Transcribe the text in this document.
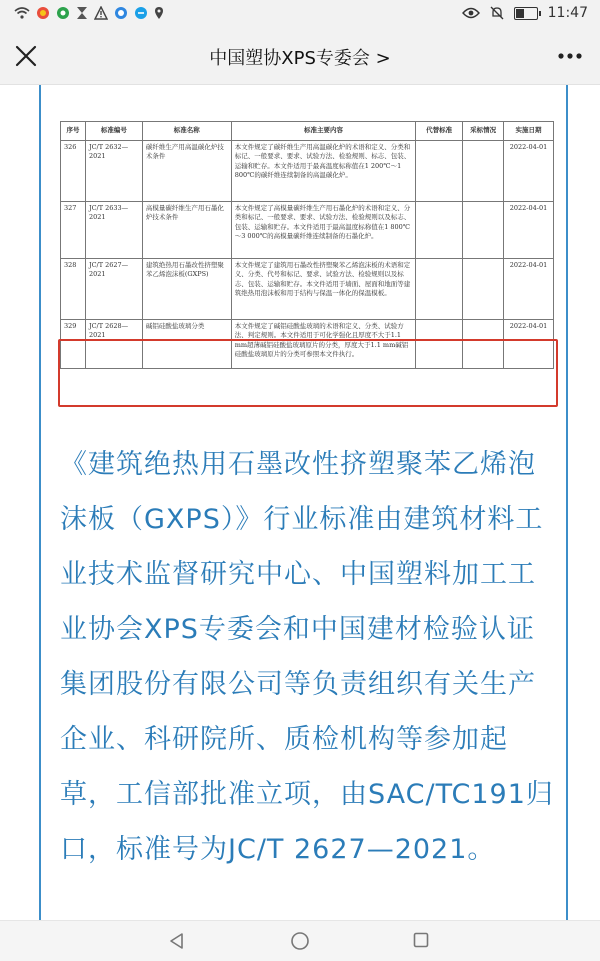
11:47
中国塑协XPS专委会 >
序号	标准编号	标准名称	标准主要内容	代替标准	采标情况	实施日期
326	JC/T 2632—2021	碳纤维生产用高温碳化炉技术条件	本文件规定了碳纤维生产用高温碳化炉的术语和定义、分类和标记、一般要求、要求、试验方法、检验规则、标志、包装、运输和贮存。本文件适用于最高温度标称值在1 200℃～1 800℃的碳纤维连续制备的高温碳化炉。			2022-04-01
327	JC/T 2633—2021	高模量碳纤维生产用石墨化炉技术条件	本文件规定了高模量碳纤维生产用石墨化炉的术语和定义、分类和标记、一般要求、要求、试验方法、检验规则以及标志、包装、运输和贮存。本文件适用于最高温度标称值在1 800℃～3 000℃的高模量碳纤维连续制备的石墨化炉。			2022-04-01
328	JC/T 2627—2021	建筑绝热用石墨改性挤塑聚苯乙烯泡沫板(GXPS)	本文件规定了建筑用石墨改性挤塑聚苯乙烯泡沫板的术语和定义、分类、代号和标记、要求、试验方法、检验规则以及标志、包装、运输和贮存。本文件适用于墙面、屋面和地面等建筑绝热用泡沫板和用于结构与保温一体化的保温模板。			2022-04-01
329	JC/T 2628—2021	碱铝硅酸盐玻璃分类	本文件规定了碱铝硅酸盐玻璃的术语和定义、分类、试验方法、判定规则。本文件适用于可化学强化且厚度不大于1.1 mm超薄碱铝硅酸盐玻璃原片的分类，厚度大于1.1 mm碱铝硅酸盐玻璃原片的分类可参照本文件执行。			2022-04-01
《建筑绝热用石墨改性挤塑聚苯乙烯泡沫板（GXPS）》行业标准由建筑材料工业技术监督研究中心、中国塑料加工工业协会XPS专委会和中国建材检验认证集团股份有限公司等负责组织有关生产企业、科研院所、质检机构等参加起草，工信部批准立项，由SAC/TC191归口，标准号为JC/T 2627—2021。
